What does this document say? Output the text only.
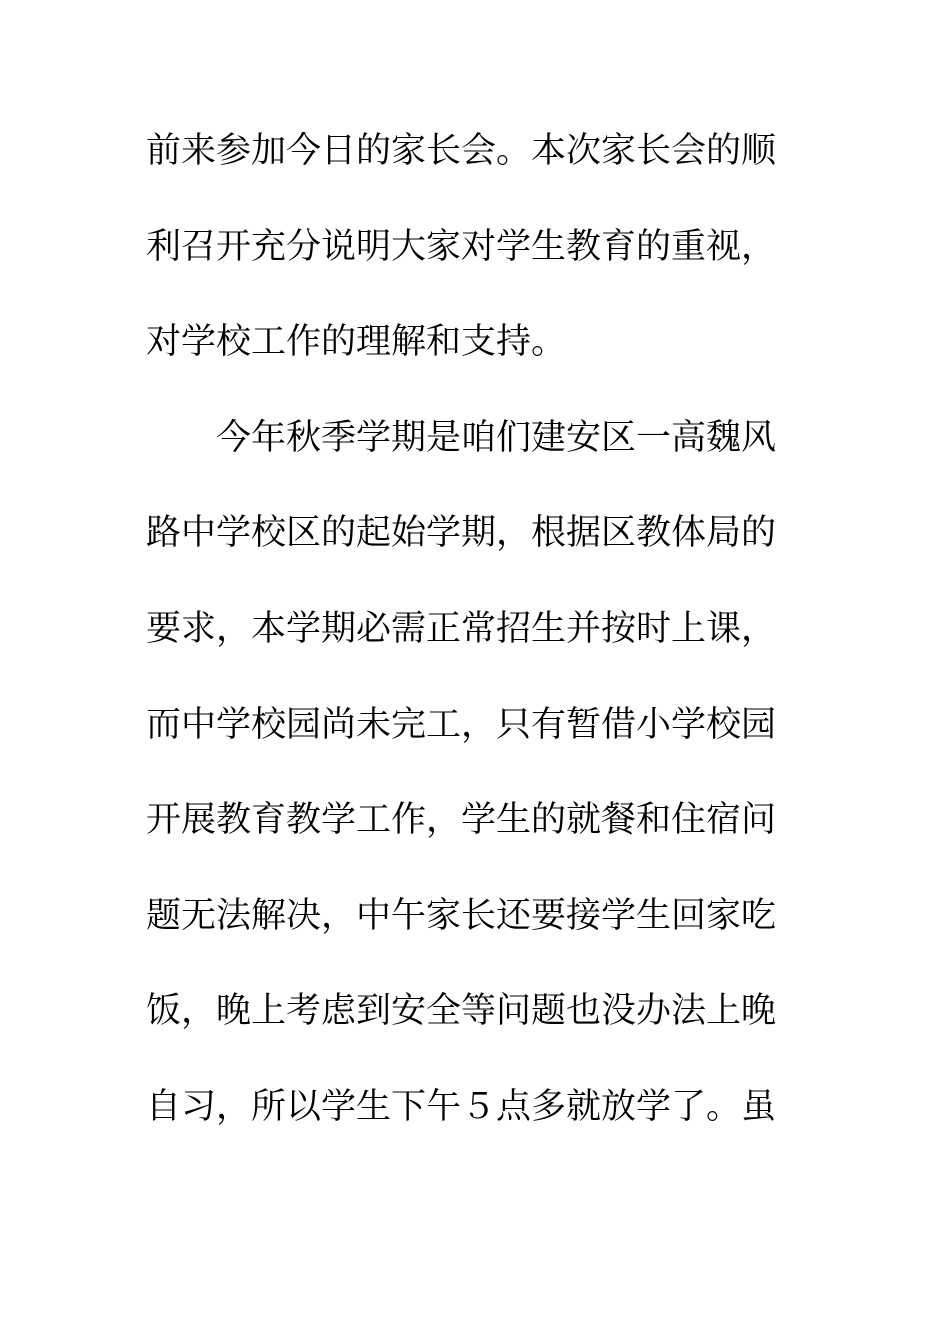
前来参加今日的家长会。本次家长会的顺
利召开充分说明大家对学生教育的重视，
对学校工作的理解和支持。
今年秋季学期是咱们建安区一高魏风
路中学校区的起始学期，根据区教体局的
要求，本学期必需正常招生并按时上课，
而中学校园尚未完工，只有暂借小学校园
开展教育教学工作，学生的就餐和住宿问
题无法解决，中午家长还要接学生回家吃
饭，晚上考虑到安全等问题也没办法上晚
自习，所以学生下午５点多就放学了。虽
